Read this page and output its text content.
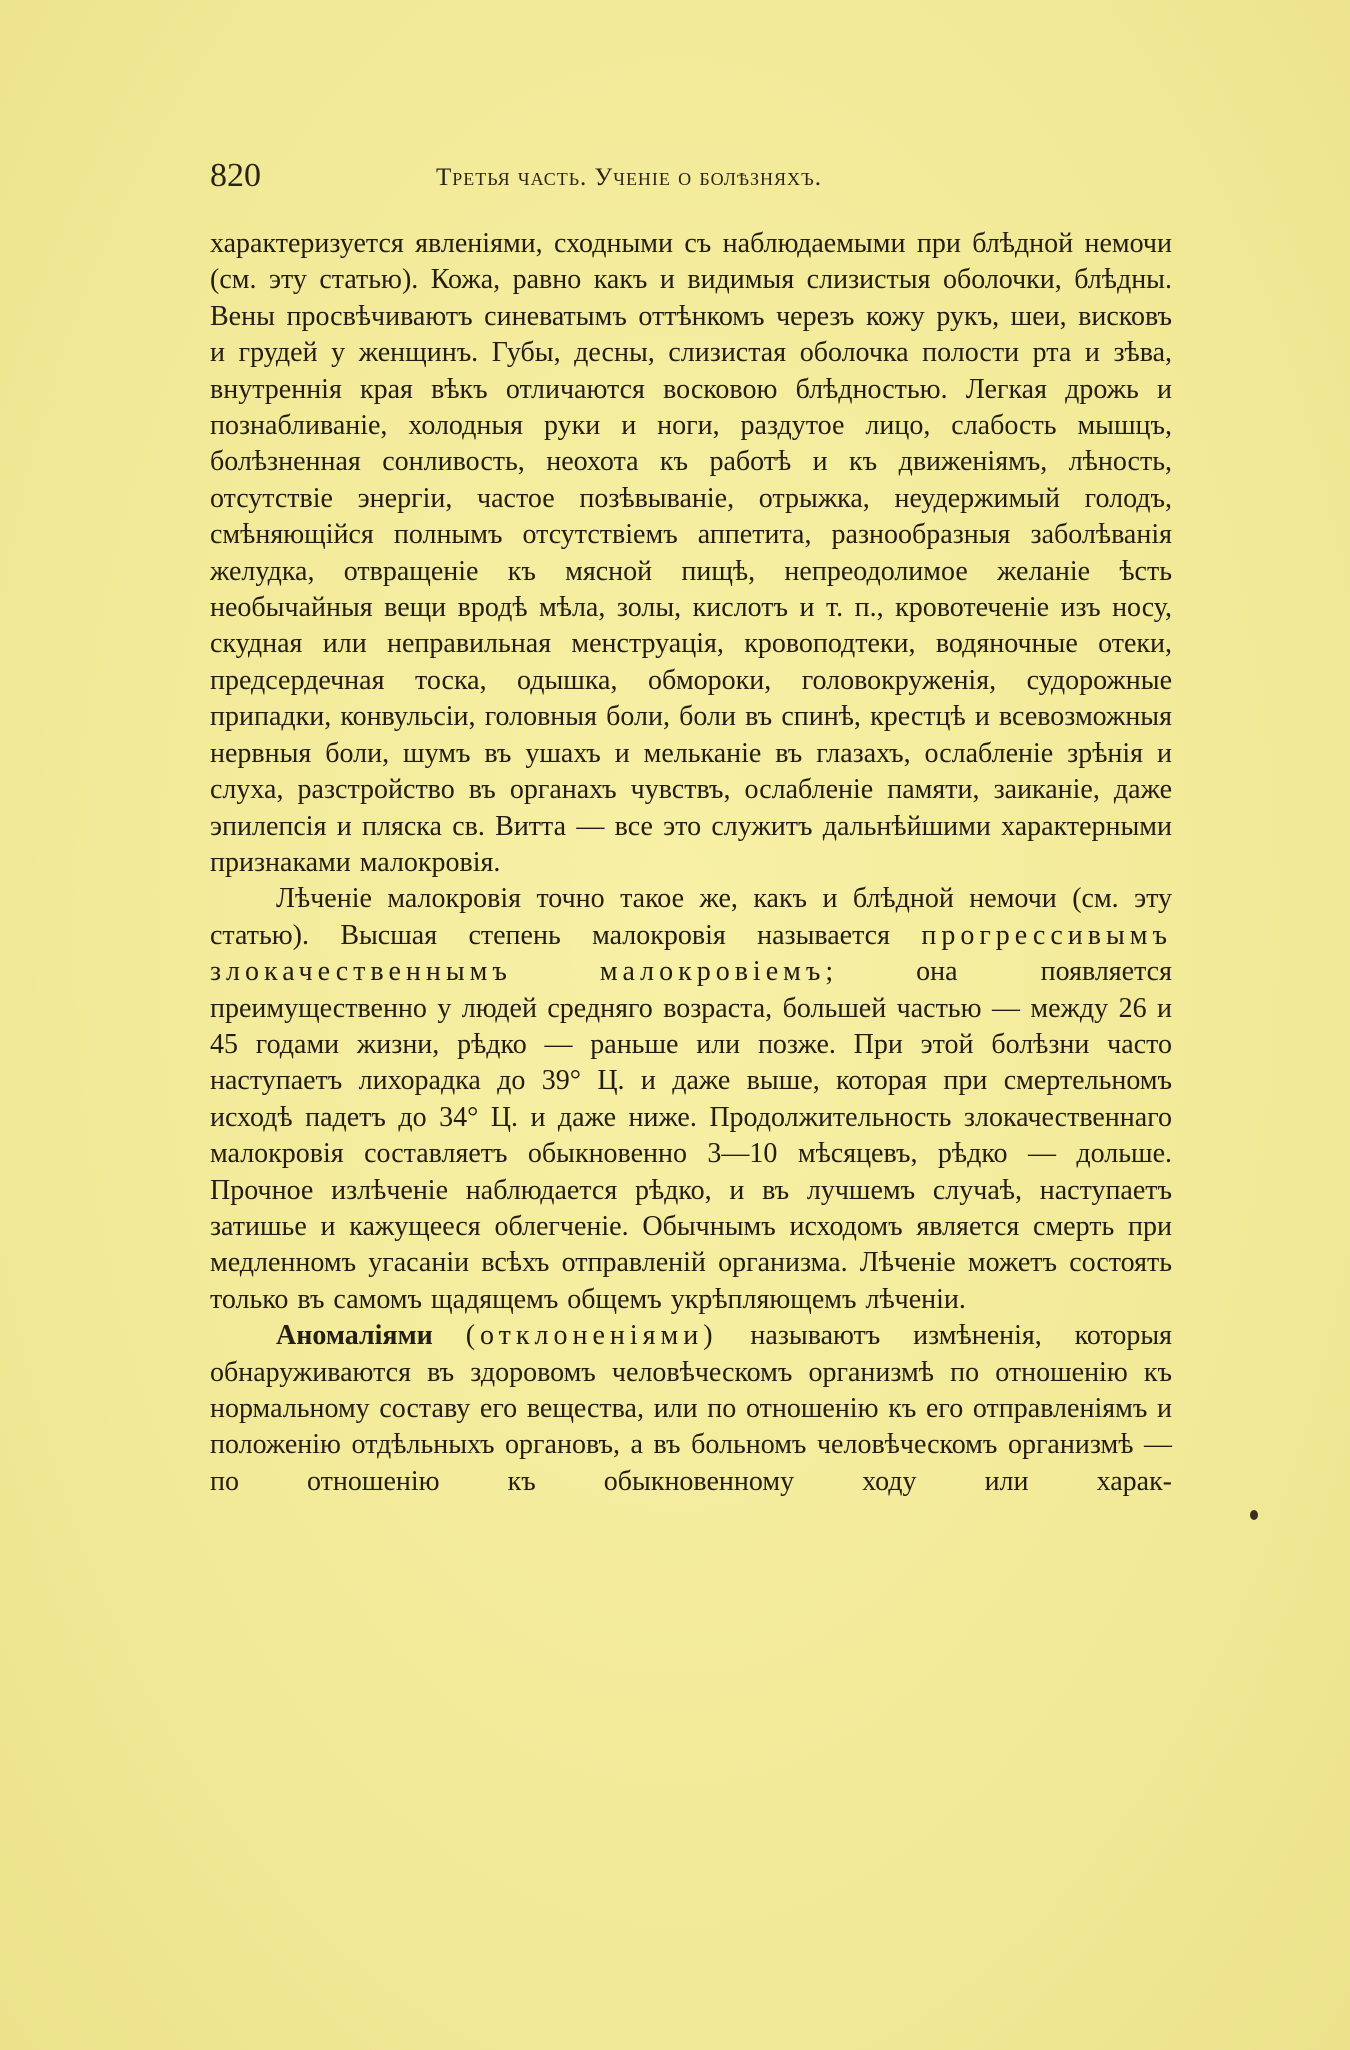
820	Третья часть. Ученіе о болѣзняхъ.

характеризуется явленіями, сходными съ наблюдаемыми при блѣдной немочи (см. эту статью). Кожа, равно какъ и видимыя слизистыя оболочки, блѣдны. Вены просвѣчиваютъ синеватымъ оттѣнкомъ черезъ кожу рукъ, шеи, висковъ и грудей у женщинъ. Губы, десны, слизистая оболочка полости рта и зѣва, внутреннія края вѣкъ отличаются восковою блѣдностью. Легкая дрожь и познабливаніе, холодныя руки и ноги, раздутое лицо, слабость мышцъ, болѣзненная сонливость, неохота къ работѣ и къ движеніямъ, лѣность, отсутствіе энергіи, частое позѣвываніе, отрыжка, неудержимый голодъ, смѣняющійся полнымъ отсутствіемъ аппетита, разнообразныя заболѣванія желудка, отвращеніе къ мясной пищѣ, непреодолимое желаніе ѣсть необычайныя вещи вродѣ мѣла, золы, кислотъ и т. п., кровотеченіе изъ носу, скудная или неправильная менструація, кровоподтеки, водяночные отеки, предсердечная тоска, одышка, обмороки, головокруженія, судорожные припадки, конвульсіи, головныя боли, боли въ спинѣ, крестцѣ и всевозможныя нервныя боли, шумъ въ ушахъ и мельканіе въ глазахъ, ослабленіе зрѣнія и слуха, разстройство въ органахъ чувствъ, ослабленіе памяти, заиканіе, даже эпилепсія и пляска св. Витта — все это служитъ дальнѣйшими характерными признаками малокровія.

Лѣченіе малокровія точно такое же, какъ и блѣдной немочи (см. эту статью). Высшая степень малокровія называется прогрессивымъ злокачественнымъ малокровіемъ; она появляется преимущественно у людей средняго возраста, большей частью — между 26 и 45 годами жизни, рѣдко — раньше или позже. При этой болѣзни часто наступаетъ лихорадка до 39° Ц. и даже выше, которая при смертельномъ исходѣ падетъ до 34° Ц. и даже ниже. Продолжительность злокачественнаго малокровія составляетъ обыкновенно 3—10 мѣсяцевъ, рѣдко — дольше. Прочное излѣченіе наблюдается рѣдко, и въ лучшемъ случаѣ, наступаетъ затишье и кажущееся облегченіе. Обычнымъ исходомъ является смерть при медленномъ угасаніи всѣхъ отправленій организма. Лѣченіе можетъ состоять только въ самомъ щадящемъ общемъ укрѣпляющемъ лѣченіи.

Аномаліями (отклоненіями) называютъ измѣненія, которыя обнаруживаются въ здоровомъ человѣческомъ организмѣ по отношенію къ нормальному составу его вещества, или по отношенію къ его отправленіямъ и положенію отдѣльныхъ органовъ, а въ больномъ человѣческомъ организмѣ — по отношенію къ обыкновенному ходу или харак-
